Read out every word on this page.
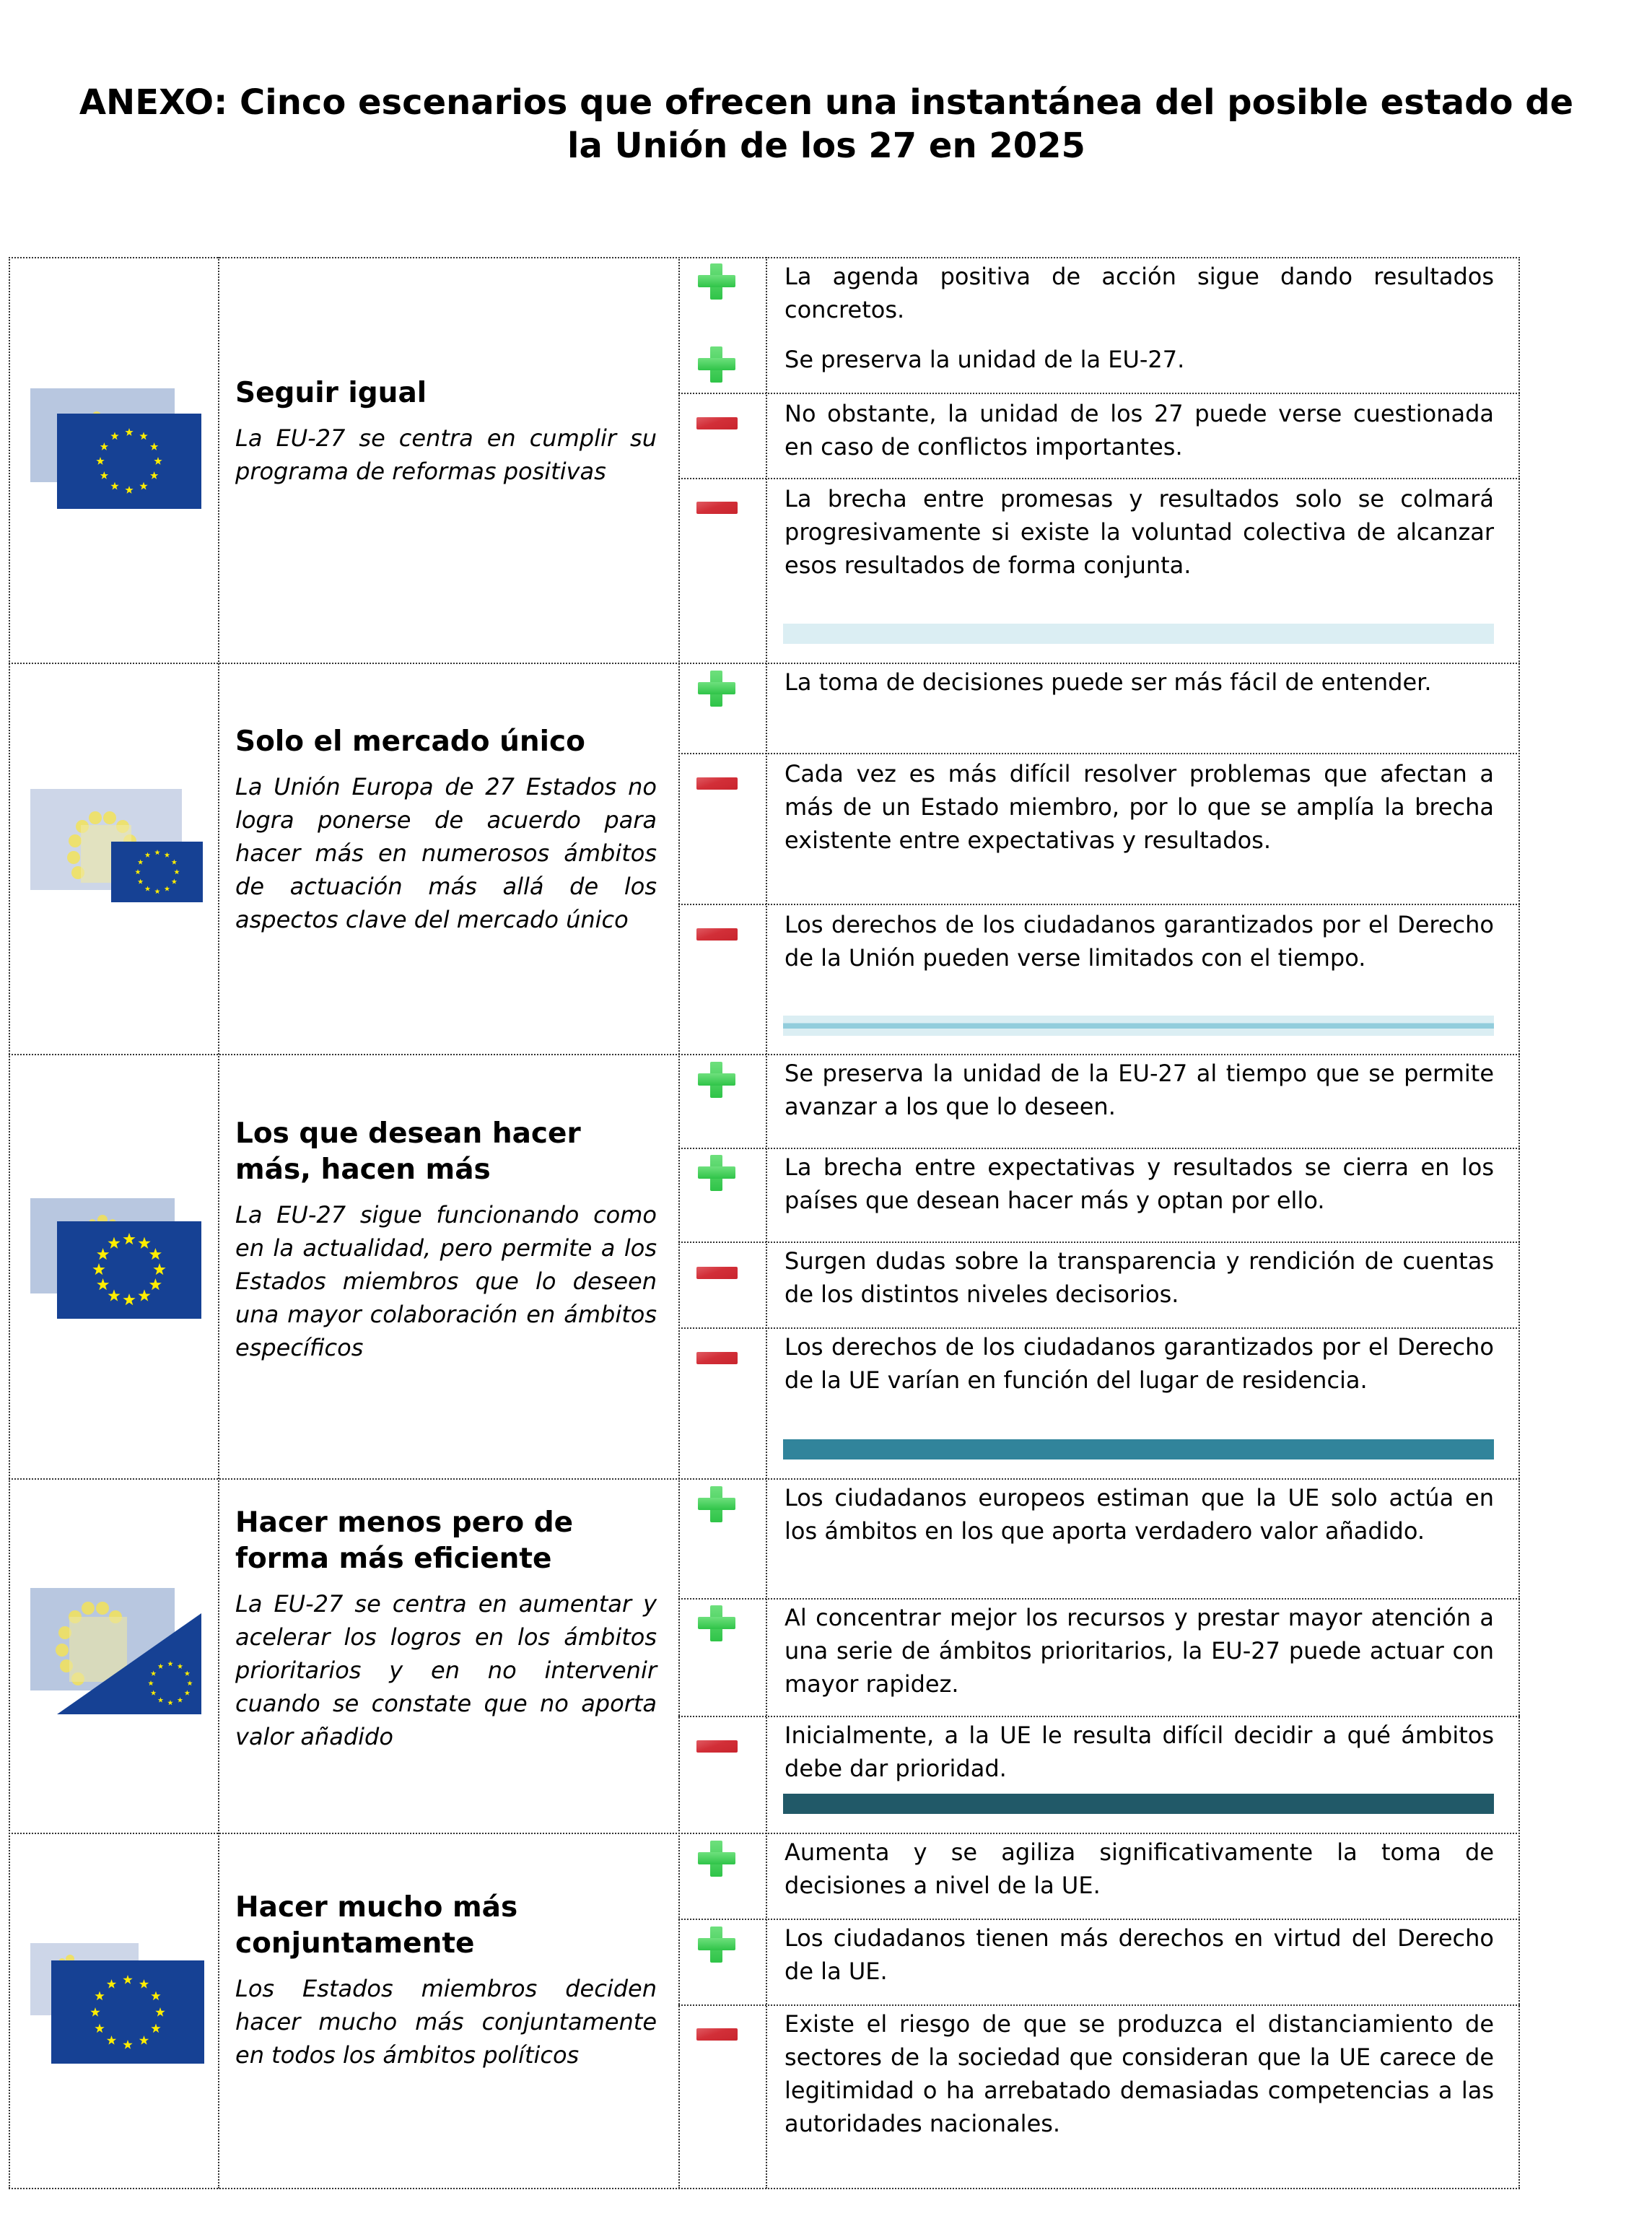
ANEXO: Cinco escenarios que ofrecen una instantánea del posible estado de
la Unión de los 27 en 2025

Seguir igual

La EU-27 se centra en cumplir su programa de reformas positivas

La agenda positiva de acción sigue dando resultados concretos.
Se preserva la unidad de la EU-27.
No obstante, la unidad de los 27 puede verse cuestionada en caso de conflictos importantes.
La brecha entre promesas y resultados solo se colmará progresivamente si existe la voluntad colectiva de alcanzar esos resultados de forma conjunta.

Solo el mercado único

La Unión Europa de 27 Estados no logra ponerse de acuerdo para hacer más en numerosos ámbitos de actuación más allá de los aspectos clave del mercado único

La toma de decisiones puede ser más fácil de entender.
Cada vez es más difícil resolver problemas que afectan a más de un Estado miembro, por lo que se amplía la brecha existente entre expectativas y resultados.
Los derechos de los ciudadanos garantizados por el Derecho de la Unión pueden verse limitados con el tiempo.

Los que desean hacer más, hacen más

La EU-27 sigue funcionando como en la actualidad, pero permite a los Estados miembros que lo deseen una mayor colaboración en ámbitos específicos

Se preserva la unidad de la EU-27 al tiempo que se permite avanzar a los que lo deseen.
La brecha entre expectativas y resultados se cierra en los países que desean hacer más y optan por ello.
Surgen dudas sobre la transparencia y rendición de cuentas de los distintos niveles decisorios.
Los derechos de los ciudadanos garantizados por el Derecho de la UE varían en función del lugar de residencia.

Hacer menos pero de forma más eficiente

La EU-27 se centra en aumentar y acelerar los logros en los ámbitos prioritarios y en no intervenir cuando se constate que no aporta valor añadido

Los ciudadanos europeos estiman que la UE solo actúa en los ámbitos en los que aporta verdadero valor añadido.
Al concentrar mejor los recursos y prestar mayor atención a una serie de ámbitos prioritarios, la EU-27 puede actuar con mayor rapidez.
Inicialmente, a la UE le resulta difícil decidir a qué ámbitos debe dar prioridad.

Hacer mucho más conjuntamente

Los Estados miembros deciden hacer mucho más conjuntamente en todos los ámbitos políticos

Aumenta y se agiliza significativamente la toma de decisiones a nivel de la UE.
Los ciudadanos tienen más derechos en virtud del Derecho de la UE.
Existe el riesgo de que se produzca el distanciamiento de sectores de la sociedad que consideran que la UE carece de legitimidad o ha arrebatado demasiadas competencias a las autoridades nacionales.
